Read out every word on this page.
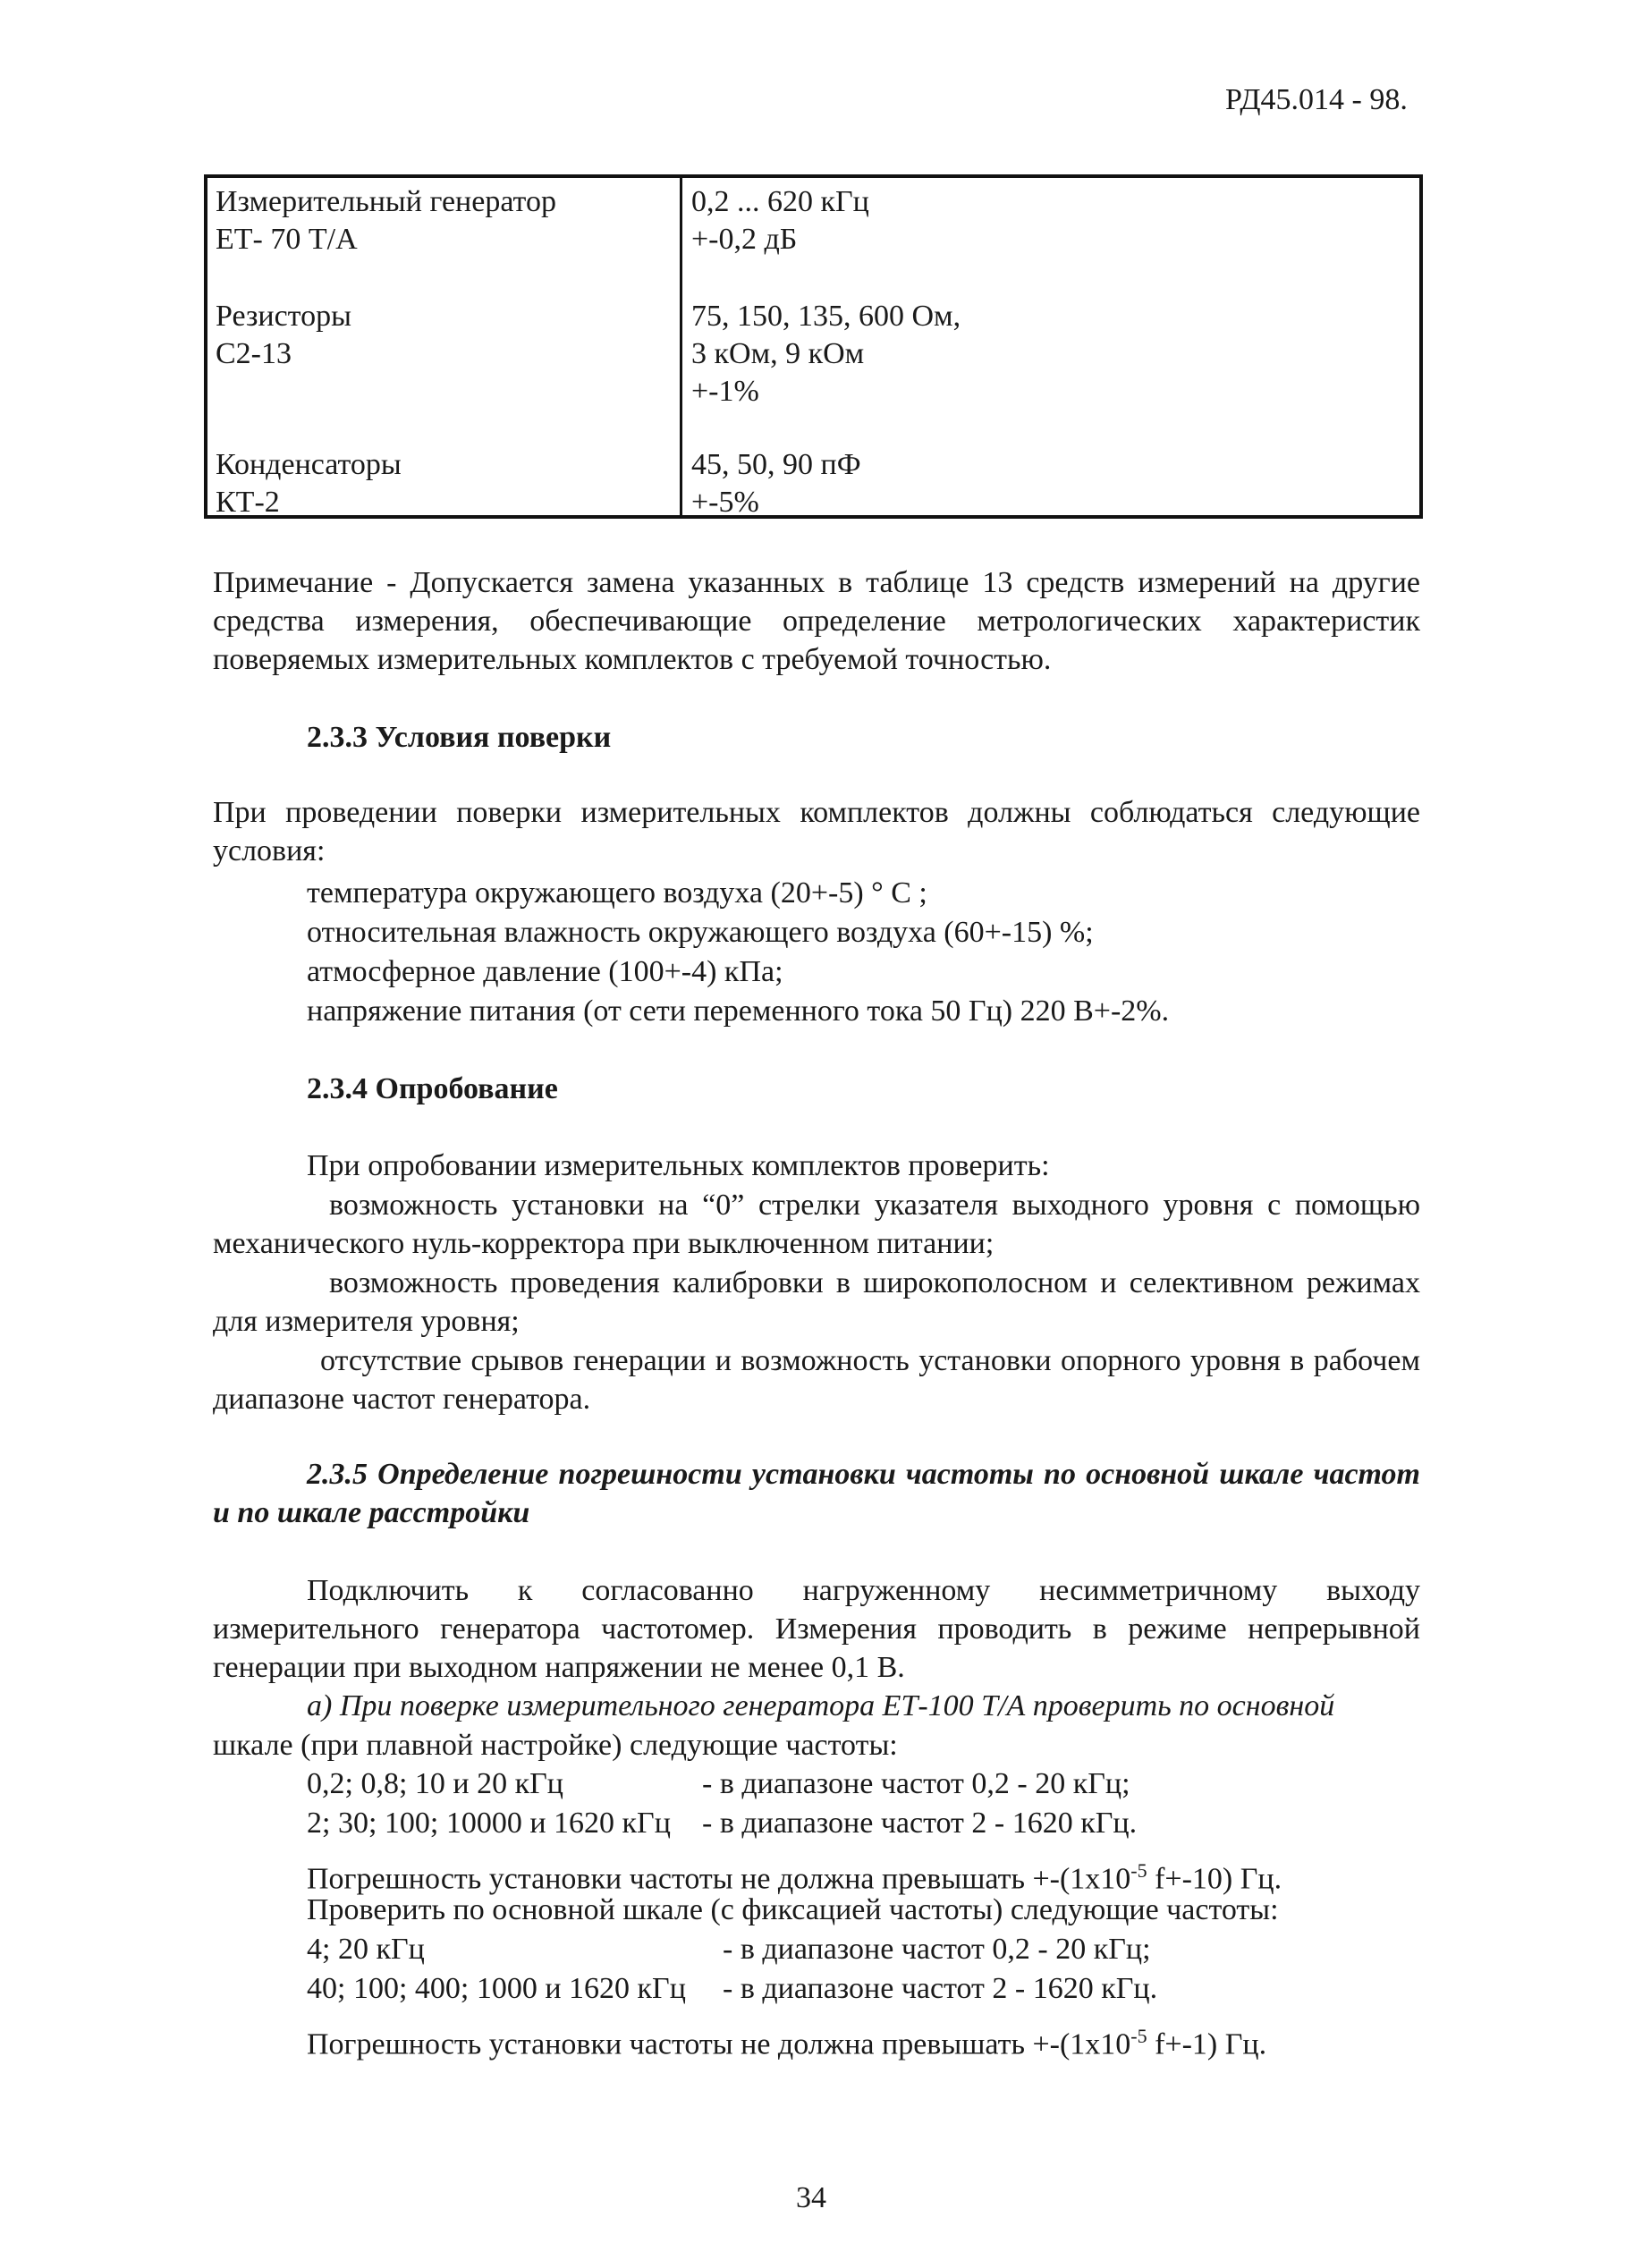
РД45.014 - 98.
Измерительный генератор
ЕТ- 70 Т/А
0,2 ... 620 кГц
+-0,2 дБ
Резисторы
С2-13
75, 150, 135, 600 Ом,
3 кОм, 9 кОм
+-1%
Конденсаторы
КТ-2
45, 50, 90 пФ
+-5%
Примечание - Допускается замена указанных в таблице 13 средств измерений на другие средства измерения, обеспечивающие определение метрологических характеристик поверяемых измерительных комплектов с требуемой точностью.
2.3.3 Условия поверки
При проведении поверки измерительных комплектов должны соблюдаться следующие условия:
температура окружающего воздуха (20+-5) ° С ;
относительная влажность окружающего воздуха (60+-15) %;
атмосферное давление (100+-4) кПа;
напряжение питания (от сети переменного тока 50 Гц) 220 В+-2%.
2.3.4 Опробование
При опробовании измерительных комплектов проверить:
возможность установки на “0” стрелки указателя выходного уровня с помощью механического нуль-корректора при выключенном питании;
возможность проведения калибровки в широкополосном и селективном режимах для измерителя уровня;
отсутствие срывов генерации и возможность установки опорного уровня в рабочем диапазоне частот генератора.
2.3.5 Определение погрешности установки частоты по основной шкале частот и по шкале расстройки
Подключить к согласованно нагруженному несимметричному выходу измерительного генератора частотомер. Измерения проводить в режиме непрерывной генерации при выходном напряжении не менее 0,1 В.
а) При поверке измерительного генератора ЕТ-100 Т/А проверить по основной
шкале (при плавной настройке) следующие частоты:
0,2; 0,8; 10 и 20 кГц	- в диапазоне частот 0,2 - 20 кГц;
2; 30; 100; 10000 и 1620 кГц - в диапазоне частот 2 - 1620 кГц.
Погрешность установки частоты не должна превышать $+-(1х10^{-5}$ f+-10) Гц.
Проверить по основной шкале (с фиксацией частоты) следующие частоты:
4; 20 кГц	- в диапазоне частот 0,2 - 20 кГц;
40; 100; 400; 1000 и 1620 кГц - в диапазоне частот 2 - 1620 кГц.
Погрешность установки частоты не должна превышать $+-(1х10^{-5}$ f+-1) Гц.
34
